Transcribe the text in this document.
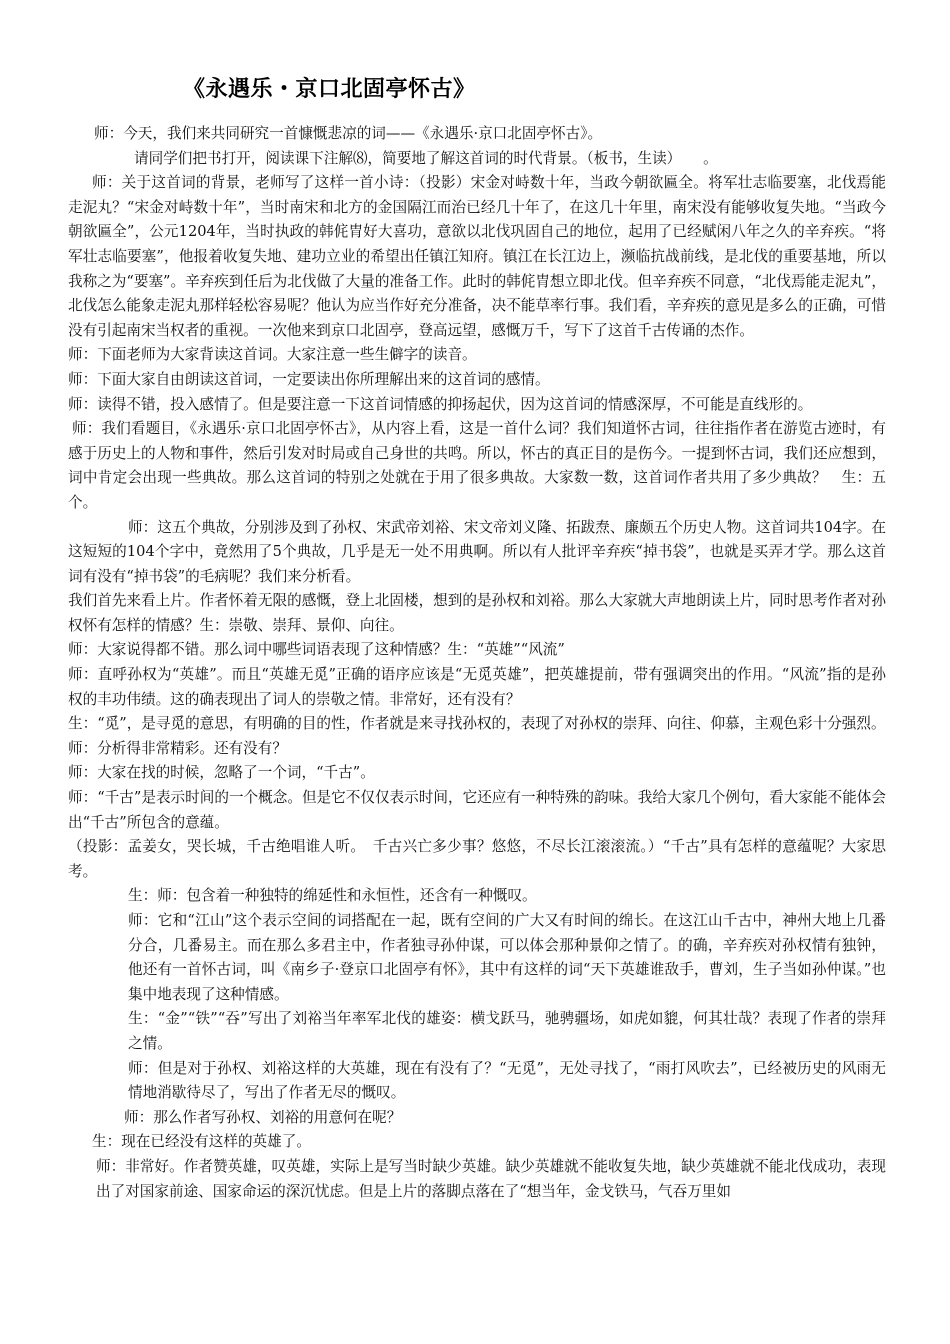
《永遇乐・京口北固亭怀古》

师：今天，我们来共同研究一首慷慨悲凉的词——《永遇乐·京口北固亭怀古》。

请同学们把书打开，阅读课下注解⑻，简要地了解这首词的时代背景。（板书，生读）　　。

师：关于这首词的背景，老师写了这样一首小诗：（投影）宋金对峙数十年，当政今朝欲匾全。将军壮志临要塞，北伐焉能走泥丸？“宋金对峙数十年”，当时南宋和北方的金国隔江而治已经几十年了，在这几十年里，南宋没有能够收复失地。“当政今朝欲匾全”，公元1204年，当时执政的韩侂胄好大喜功，意欲以北伐巩固自己的地位，起用了已经赋闲八年之久的辛弃疾。“将军壮志临要塞”，他报着收复失地、建功立业的希望出任镇江知府。镇江在长江边上，濒临抗战前线，是北伐的重要基地，所以我称之为“要塞”。辛弃疾到任后为北伐做了大量的准备工作。此时的韩侂胄想立即北伐。但辛弃疾不同意，“北伐焉能走泥丸”，北伐怎么能象走泥丸那样轻松容易呢？他认为应当作好充分准备，决不能草率行事。我们看，辛弃疾的意见是多么的正确，可惜没有引起南宋当权者的重视。一次他来到京口北固亭，登高远望，感慨万千，写下了这首千古传诵的杰作。

师：下面老师为大家背读这首词。大家注意一些生僻字的读音。

师：下面大家自由朗读这首词，一定要读出你所理解出来的这首词的感情。

师：读得不错，投入感情了。但是要注意一下这首词情感的抑扬起伏，因为这首词的情感深厚，不可能是直线形的。

师：我们看题目，《永遇乐·京口北固亭怀古》，从内容上看，这是一首什么词？我们知道怀古词，往往指作者在游览古迹时，有感于历史上的人物和事件，然后引发对时局或自己身世的共鸣。所以，怀古的真正目的是伤今。一提到怀古词，我们还应想到，词中肯定会出现一些典故。那么这首词的特别之处就在于用了很多典故。大家数一数，这首词作者共用了多少典故？　生：五个。

师：这五个典故，分别涉及到了孙权、宋武帝刘裕、宋文帝刘义隆、拓跋焘、廉颇五个历史人物。这首词共104字。在这短短的104个字中，竟然用了5个典故，几乎是无一处不用典啊。所以有人批评辛弃疾“掉书袋”，也就是买弄才学。那么这首词有没有“掉书袋”的毛病呢？我们来分析看。

我们首先来看上片。作者怀着无限的感慨，登上北固楼，想到的是孙权和刘裕。那么大家就大声地朗读上片，同时思考作者对孙权怀有怎样的情感？生：崇敬、崇拜、景仰、向往。

师：大家说得都不错。那么词中哪些词语表现了这种情感？生：“英雄”“风流”

师：直呼孙权为“英雄”。而且“英雄无觅”正确的语序应该是“无觅英雄”，把英雄提前，带有强调突出的作用。“风流”指的是孙权的丰功伟绩。这的确表现出了词人的崇敬之情。非常好，还有没有？

生：“觅”，是寻觅的意思，有明确的目的性，作者就是来寻找孙权的，表现了对孙权的崇拜、向往、仰慕，主观色彩十分强烈。

师：分析得非常精彩。还有没有？

师：大家在找的时候，忽略了一个词，“千古”。

师：“千古”是表示时间的一个概念。但是它不仅仅表示时间，它还应有一种特殊的韵味。我给大家几个例句，看大家能不能体会出“千古”所包含的意蕴。

（投影：孟姜女，哭长城，千古绝唱谁人听。　千古兴亡多少事？悠悠，不尽长江滚滚流。）“千古”具有怎样的意蕴呢？大家思考。

生：师：包含着一种独特的绵延性和永恒性，还含有一种慨叹。

师：它和“江山”这个表示空间的词搭配在一起，既有空间的广大又有时间的绵长。在这江山千古中，神州大地上几番分合，几番易主。而在那么多君主中，作者独寻孙仲谋，可以体会那种景仰之情了。的确，辛弃疾对孙权情有独钟，他还有一首怀古词，叫《南乡子·登京口北固亭有怀》，其中有这样的词“天下英雄谁敌手，曹刘，生子当如孙仲谋。”也集中地表现了这种情感。

生：“金”“铁”“吞”写出了刘裕当年率军北伐的雄姿：横戈跃马，驰骋疆场，如虎如貔，何其壮哉？表现了作者的崇拜之情。

师：但是对于孙权、刘裕这样的大英雄，现在有没有了？“无觅”，无处寻找了，“雨打风吹去”，已经被历史的风雨无情地消歇待尽了，写出了作者无尽的慨叹。

师：那么作者写孙权、刘裕的用意何在呢？

生：现在已经没有这样的英雄了。

师：非常好。作者赞英雄，叹英雄，实际上是写当时缺少英雄。缺少英雄就不能收复失地，缺少英雄就不能北伐成功，表现出了对国家前途、国家命运的深沉忧虑。但是上片的落脚点落在了“想当年，金戈铁马，气吞万里如
